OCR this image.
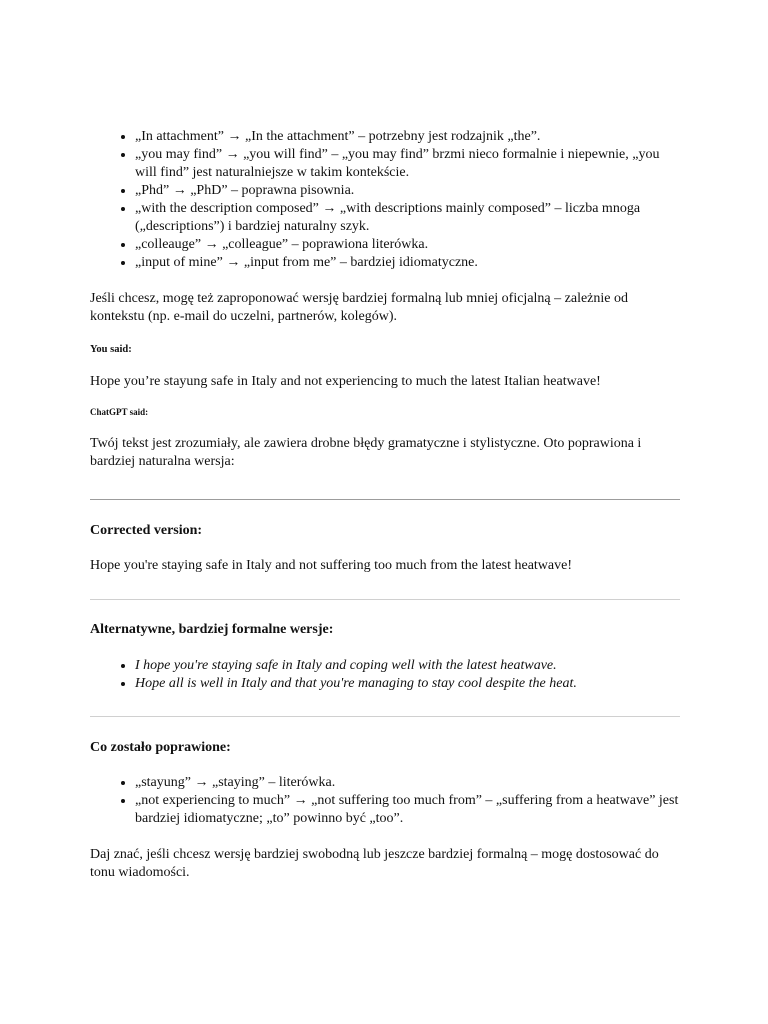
• „In attachment” → „In the attachment” – potrzebny jest rodzajnik „the”.
• „you may find” → „you will find” – „you may find” brzmi nieco formalnie i niepewnie, „you will find” jest naturalniejsze w takim kontekście.
• „Phd” → „PhD” – poprawna pisownia.
• „with the description composed” → „with descriptions mainly composed” – liczba mnoga („descriptions”) i bardziej naturalny szyk.
• „colleauge” → „colleague” – poprawiona literówka.
• „input of mine” → „input from me” – bardziej idiomatyczne.

Jeśli chcesz, mogę też zaproponować wersję bardziej formalną lub mniej oficjalną – zależnie od kontekstu (np. e-mail do uczelni, partnerów, kolegów).

You said:

Hope you’re stayung safe in Italy and not experiencing to much the latest Italian heatwave!

ChatGPT said:

Twój tekst jest zrozumiały, ale zawiera drobne błędy gramatyczne i stylistyczne. Oto poprawiona i bardziej naturalna wersja:

Corrected version:

Hope you're staying safe in Italy and not suffering too much from the latest heatwave!

Alternatywne, bardziej formalne wersje:

• I hope you're staying safe in Italy and coping well with the latest heatwave.
• Hope all is well in Italy and that you're managing to stay cool despite the heat.

Co zostało poprawione:

• „stayung” → „staying” – literówka.
• „not experiencing to much” → „not suffering too much from” – „suffering from a heatwave” jest bardziej idiomatyczne; „to” powinno być „too”.

Daj znać, jeśli chcesz wersję bardziej swobodną lub jeszcze bardziej formalną – mogę dostosować do tonu wiadomości.
